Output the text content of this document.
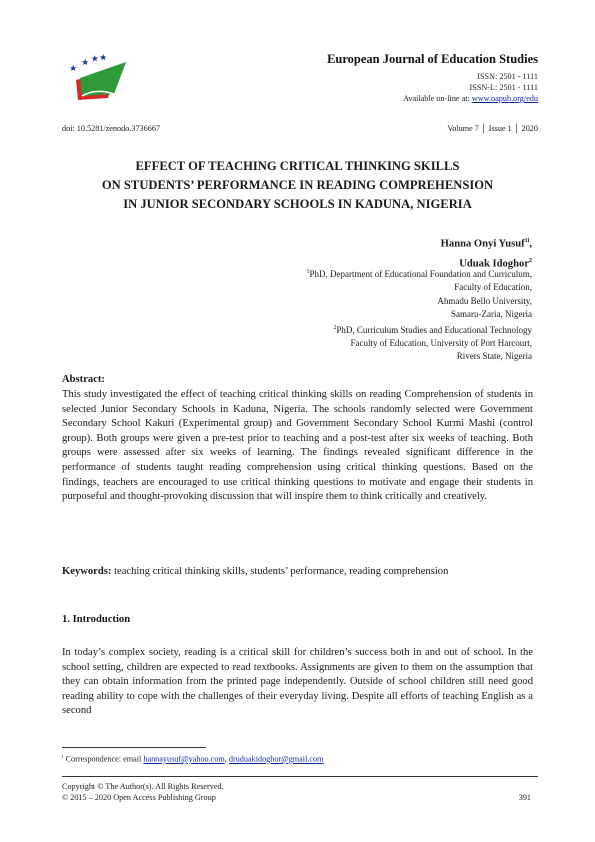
European Journal of Education Studies

ISSN: 2501 - 1111
ISSN-L: 2501 - 1111
Available on-line at: www.oapub.org/edu
doi: 10.5281/zenodo.3736667	Volume 7 │ Issue 1 │ 2020
EFFECT OF TEACHING CRITICAL THINKING SKILLS
ON STUDENTS’ PERFORMANCE IN READING COMPREHENSION
IN JUNIOR SECONDARY SCHOOLS IN KADUNA, NIGERIA
Hanna Onyi Yusuf$^{1i}$,
Uduak Idoghor$^2$
$^1$PhD, Department of Educational Foundation and Curriculum,
Faculty of Education,
Ahmadu Bello University,
Samaru-Zaria, Nigeria
$^2$PhD, Curriculum Studies and Educational Technology
Faculty of Education, University of Port Harcourt,
Rivers State, Nigeria
Abstract:
This study investigated the effect of teaching critical thinking skills on reading Comprehension of students in selected Junior Secondary Schools in Kaduna, Nigeria. The schools randomly selected were Government Secondary School Kakuri (Experimental group) and Government Secondary School Kurmi Mashi (control group). Both groups were given a pre-test prior to teaching and a post-test after six weeks of teaching. Both groups were assessed after six weeks of learning. The findings revealed significant difference in the performance of students taught reading comprehension using critical thinking questions. Based on the findings, teachers are encouraged to use critical thinking questions to motivate and engage their students in purposeful and thought-provoking discussion that will inspire them to think critically and creatively.
Keywords: teaching critical thinking skills, students’ performance, reading comprehension
1. Introduction
In today’s complex society, reading is a critical skill for children’s success both in and out of school. In the school setting, children are expected to read textbooks. Assignments are given to them on the assumption that they can obtain information from the printed page independently. Outside of school children still need good reading ability to cope with the challenges of their everyday living. Despite all efforts of teaching English as a second
$^i$ Correspondence: email hannayusuf@yahoo.com, druduakidoghor@gmail.com
Copyright © The Author(s). All Rights Reserved.
© 2015 – 2020 Open Access Publishing Group	391
